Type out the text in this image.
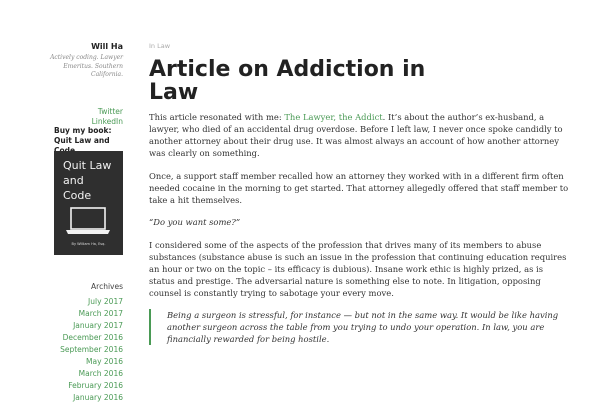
Will Ha
Actively coding. Lawyer Emeritus. Southern California.
Twitter
LinkedIn
Buy my book: Quit Law and
Quit Law
and
Code
By William Ha, Esq.
Archives
July 2017
March 2017
January 2017
December 2016
September 2016
May 2016
March 2016
February 2016
January 2016
In Law
Article on Addiction in Law

This article resonated with me: The Lawyer, the Addict. It’s about the author’s ex-husband, a lawyer, who died of an accidental drug overdose. Before I left law, I never once spoke candidly to another attorney about their drug use. It was almost always an account of how another attorney was clearly on something.

Once, a support staff member recalled how an attorney they worked with in a different firm often needed cocaine in the morning to get started. That attorney allegedly offered that staff member to take a hit themselves.

“Do you want some?”

I considered some of the aspects of the profession that drives many of its members to abuse substances (substance abuse is such an issue in the profession that continuing education requires an hour or two on the topic – its efficacy is dubious). Insane work ethic is highly prized, as is status and prestige. The adversarial nature is something else to note. In litigation, opposing counsel is constantly trying to sabotage your every move.

Being a surgeon is stressful, for instance — but not in the same way. It would be like having another surgeon across the table from you trying to undo your operation. In law, you are financially rewarded for being hostile.
